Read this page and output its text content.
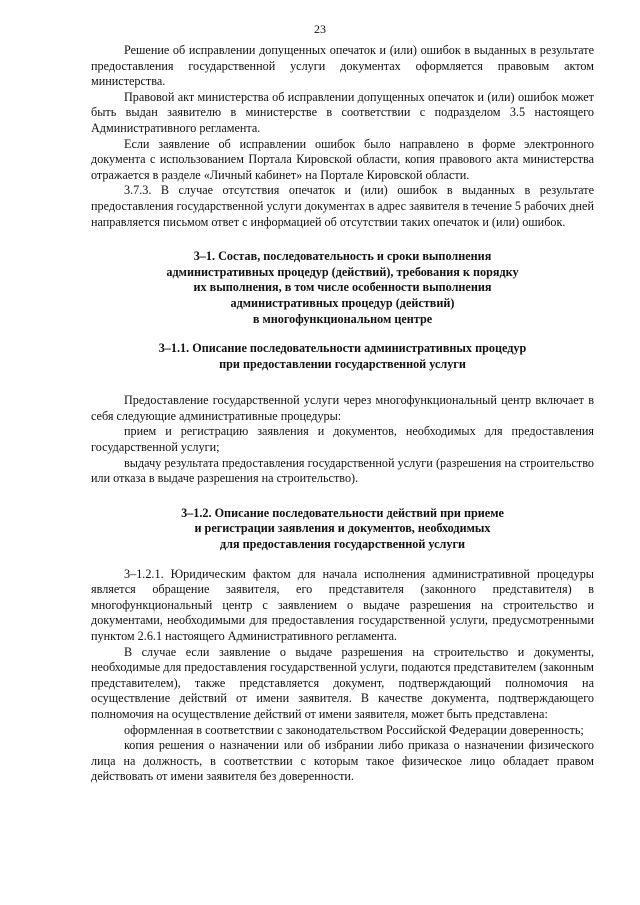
23

Решение об исправлении допущенных опечаток и (или) ошибок в выданных в результате предоставления государственной услуги документах оформляется правовым актом министерства.

Правовой акт министерства об исправлении допущенных опечаток и (или) ошибок может быть выдан заявителю в министерстве в соответствии с подразделом 3.5 настоящего Административного регламента.

Если заявление об исправлении ошибок было направлено в форме электронного документа с использованием Портала Кировской области, копия правового акта министерства отражается в разделе «Личный кабинет» на Портале Кировской области.

3.7.3. В случае отсутствия опечаток и (или) ошибок в выданных в результате предоставления государственной услуги документах в адрес заявителя в течение 5 рабочих дней направляется письмом ответ с информацией об отсутствии таких опечаток и (или) ошибок.

3–1. Состав, последовательность и сроки выполнения
административных процедур (действий), требования к порядку
их выполнения, в том числе особенности выполнения
административных процедур (действий)
в многофункциональном центре
3–1.1. Описание последовательности административных процедур
при предоставлении государственной услуги

Предоставление государственной услуги через многофункциональный центр включает в себя следующие административные процедуры:

прием и регистрацию заявления и документов, необходимых для предоставления государственной услуги;

выдачу результата предоставления государственной услуги (разрешения на строительство или отказа в выдаче разрешения на строительство).

3–1.2. Описание последовательности действий при приеме
и регистрации заявления и документов, необходимых
для предоставления государственной услуги

3–1.2.1. Юридическим фактом для начала исполнения административной процедуры является обращение заявителя, его представителя (законного представителя) в многофункциональный центр с заявлением о выдаче разрешения на строительство и документами, необходимыми для предоставления государственной услуги, предусмотренными пунктом 2.6.1 настоящего Административного регламента.

В случае если заявление о выдаче разрешения на строительство и документы, необходимые для предоставления государственной услуги, подаются представителем (законным представителем), также представляется документ, подтверждающий полномочия на осуществление действий от имени заявителя. В качестве документа, подтверждающего полномочия на осуществление действий от имени заявителя, может быть представлена:

оформленная в соответствии с законодательством Российской Федерации доверенность;

копия решения о назначении или об избрании либо приказа о назначении физического лица на должность, в соответствии с которым такое физическое лицо обладает правом действовать от имени заявителя без доверенности.
